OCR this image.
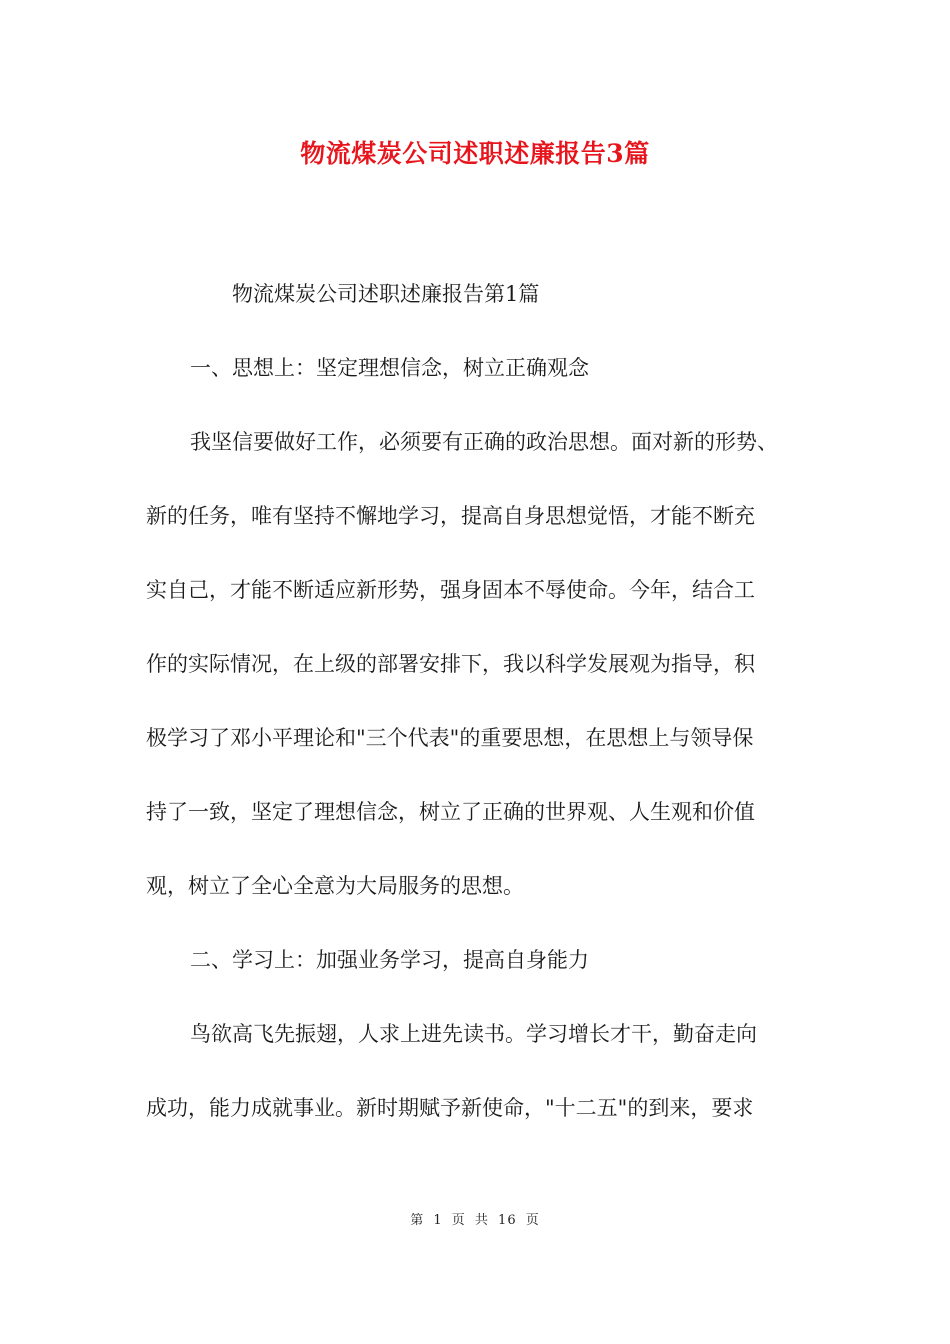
物流煤炭公司述职述廉报告3篇
物流煤炭公司述职述廉报告第1篇
一、思想上：坚定理想信念，树立正确观念
我坚信要做好工作，必须要有正确的政治思想。面对新的形势、
新的任务，唯有坚持不懈地学习，提高自身思想觉悟，才能不断充
实自己，才能不断适应新形势，强身固本不辱使命。今年，结合工
作的实际情况，在上级的部署安排下，我以科学发展观为指导，积
极学习了邓小平理论和"三个代表"的重要思想，在思想上与领导保
持了一致，坚定了理想信念，树立了正确的世界观、人生观和价值
观，树立了全心全意为大局服务的思想。
二、学习上：加强业务学习，提高自身能力
鸟欲高飞先振翅，人求上进先读书。学习增长才干，勤奋走向
成功，能力成就事业。新时期赋予新使命，"十二五"的到来，要求
第 1 页 共 16 页
